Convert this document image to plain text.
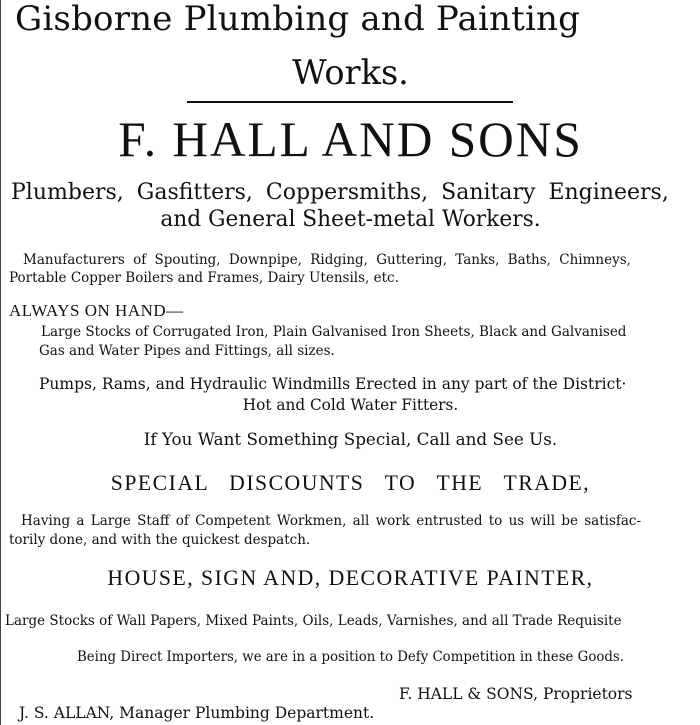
Gisborne Plumbing and Painting
Works.
F. HALL AND SONS
Plumbers, Gasfitters, Coppersmiths, Sanitary Engineers,
and General Sheet-metal Workers.
Manufacturers of Spouting, Downpipe, Ridging, Guttering, Tanks, Baths, Chimneys,
Portable Copper Boilers and Frames, Dairy Utensils, etc.
ALWAYS ON HAND—
Large Stocks of Corrugated Iron, Plain Galvanised Iron Sheets, Black and Galvanised
Gas and Water Pipes and Fittings, all sizes.
Pumps, Rams, and Hydraulic Windmills Erected in any part of the District·
Hot and Cold Water Fitters.
If You Want Something Special, Call and See Us.
SPECIAL DISCOUNTS TO THE TRADE,
Having a Large Staff of Competent Workmen, all work entrusted to us will be satisfac-
torily done, and with the quickest despatch.
HOUSE, SIGN AND, DECORATIVE PAINTER,
Large Stocks of Wall Papers, Mixed Paints, Oils, Leads, Varnishes, and all Trade Requisite
Being Direct Importers, we are in a position to Defy Competition in these Goods.
F. HALL & SONS, Proprietors
J. S. ALLAN, Manager Plumbing Department.
